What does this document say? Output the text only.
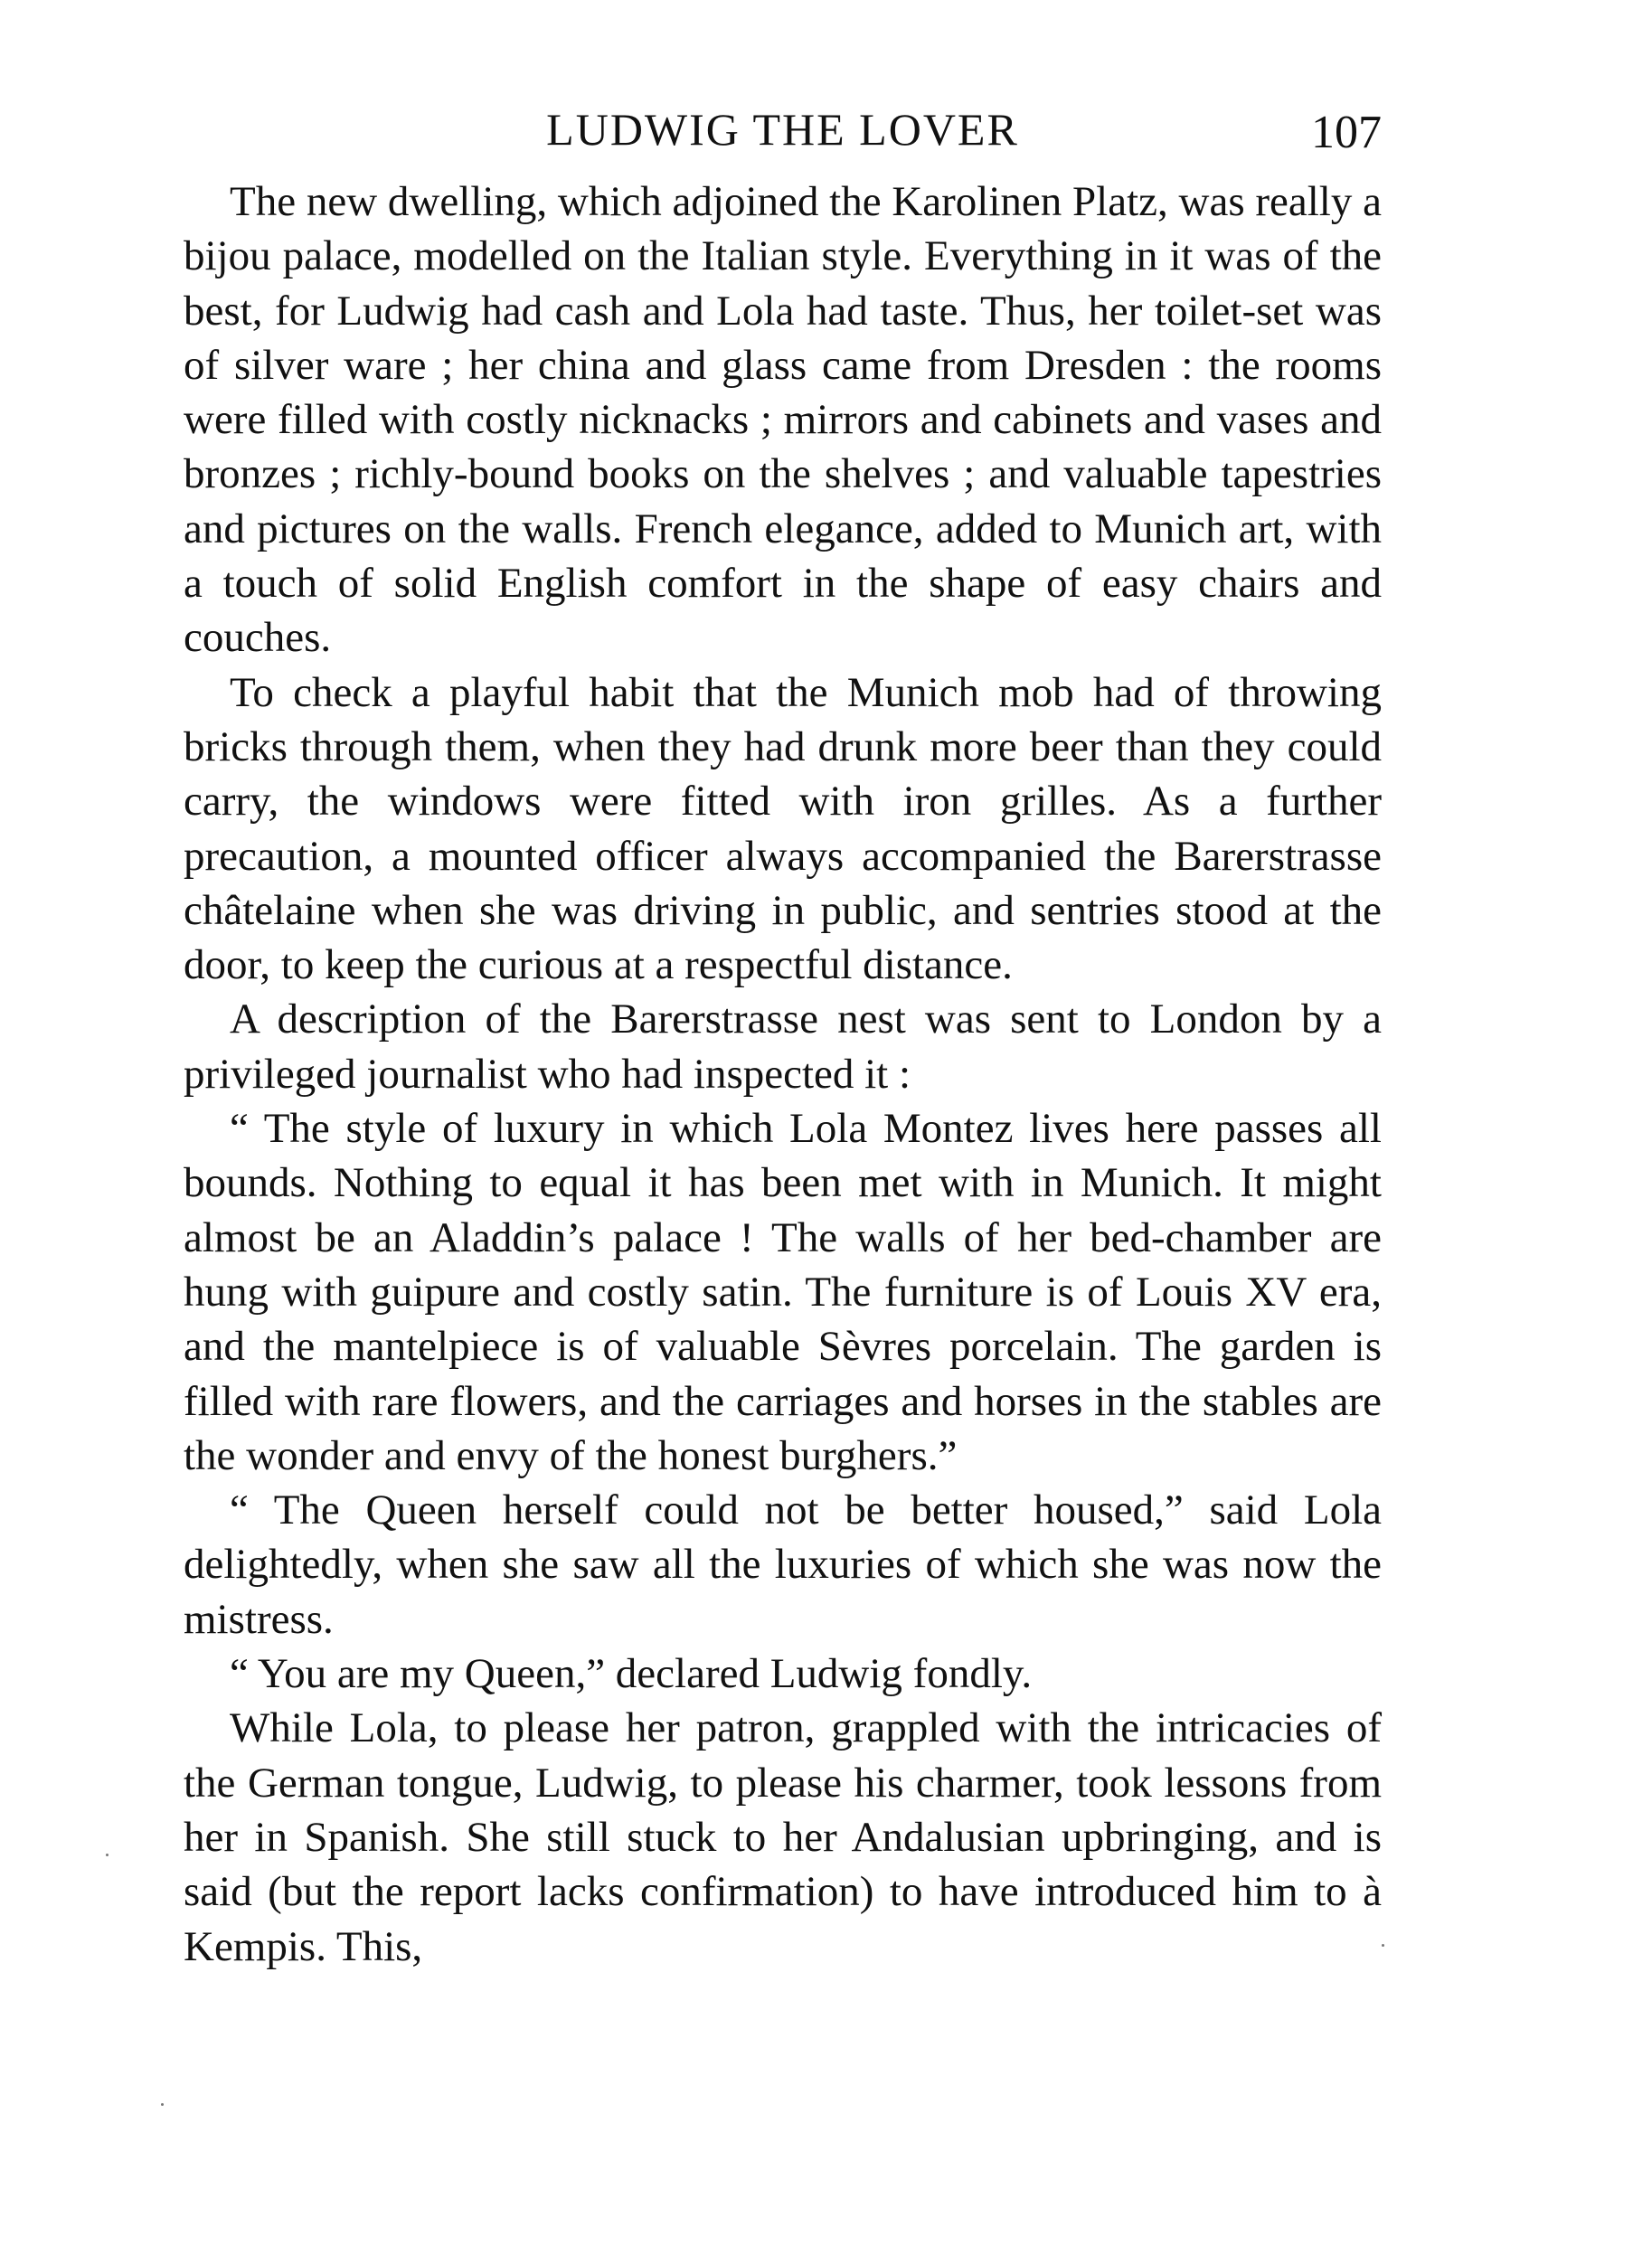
LUDWIG THE LOVER	107

The new dwelling, which adjoined the Karolinen Platz, was really a bijou palace, modelled on the Italian style. Everything in it was of the best, for Ludwig had cash and Lola had taste. Thus, her toilet-set was of silver ware ; her china and glass came from Dresden : the rooms were filled with costly nicknacks ; mirrors and cabinets and vases and bronzes ; richly-bound books on the shelves ; and valuable tapestries and pictures on the walls. French elegance, added to Munich art, with a touch of solid English comfort in the shape of easy chairs and couches.

To check a playful habit that the Munich mob had of throwing bricks through them, when they had drunk more beer than they could carry, the windows were fitted with iron grilles. As a further precaution, a mounted officer always accompanied the Barerstrasse châtelaine when she was driving in public, and sentries stood at the door, to keep the curious at a respectful distance.

A description of the Barerstrasse nest was sent to London by a privileged journalist who had inspected it :

“ The style of luxury in which Lola Montez lives here passes all bounds. Nothing to equal it has been met with in Munich. It might almost be an Aladdin’s palace ! The walls of her bed-chamber are hung with guipure and costly satin. The furniture is of Louis XV era, and the mantelpiece is of valuable Sèvres porcelain. The garden is filled with rare flowers, and the carriages and horses in the stables are the wonder and envy of the honest burghers.”

“ The Queen herself could not be better housed,” said Lola delightedly, when she saw all the luxuries of which she was now the mistress.

“ You are my Queen,” declared Ludwig fondly.

While Lola, to please her patron, grappled with the intricacies of the German tongue, Ludwig, to please his charmer, took lessons from her in Spanish. She still stuck to her Andalusian upbringing, and is said (but the report lacks confirmation) to have introduced him to à Kempis. This,
